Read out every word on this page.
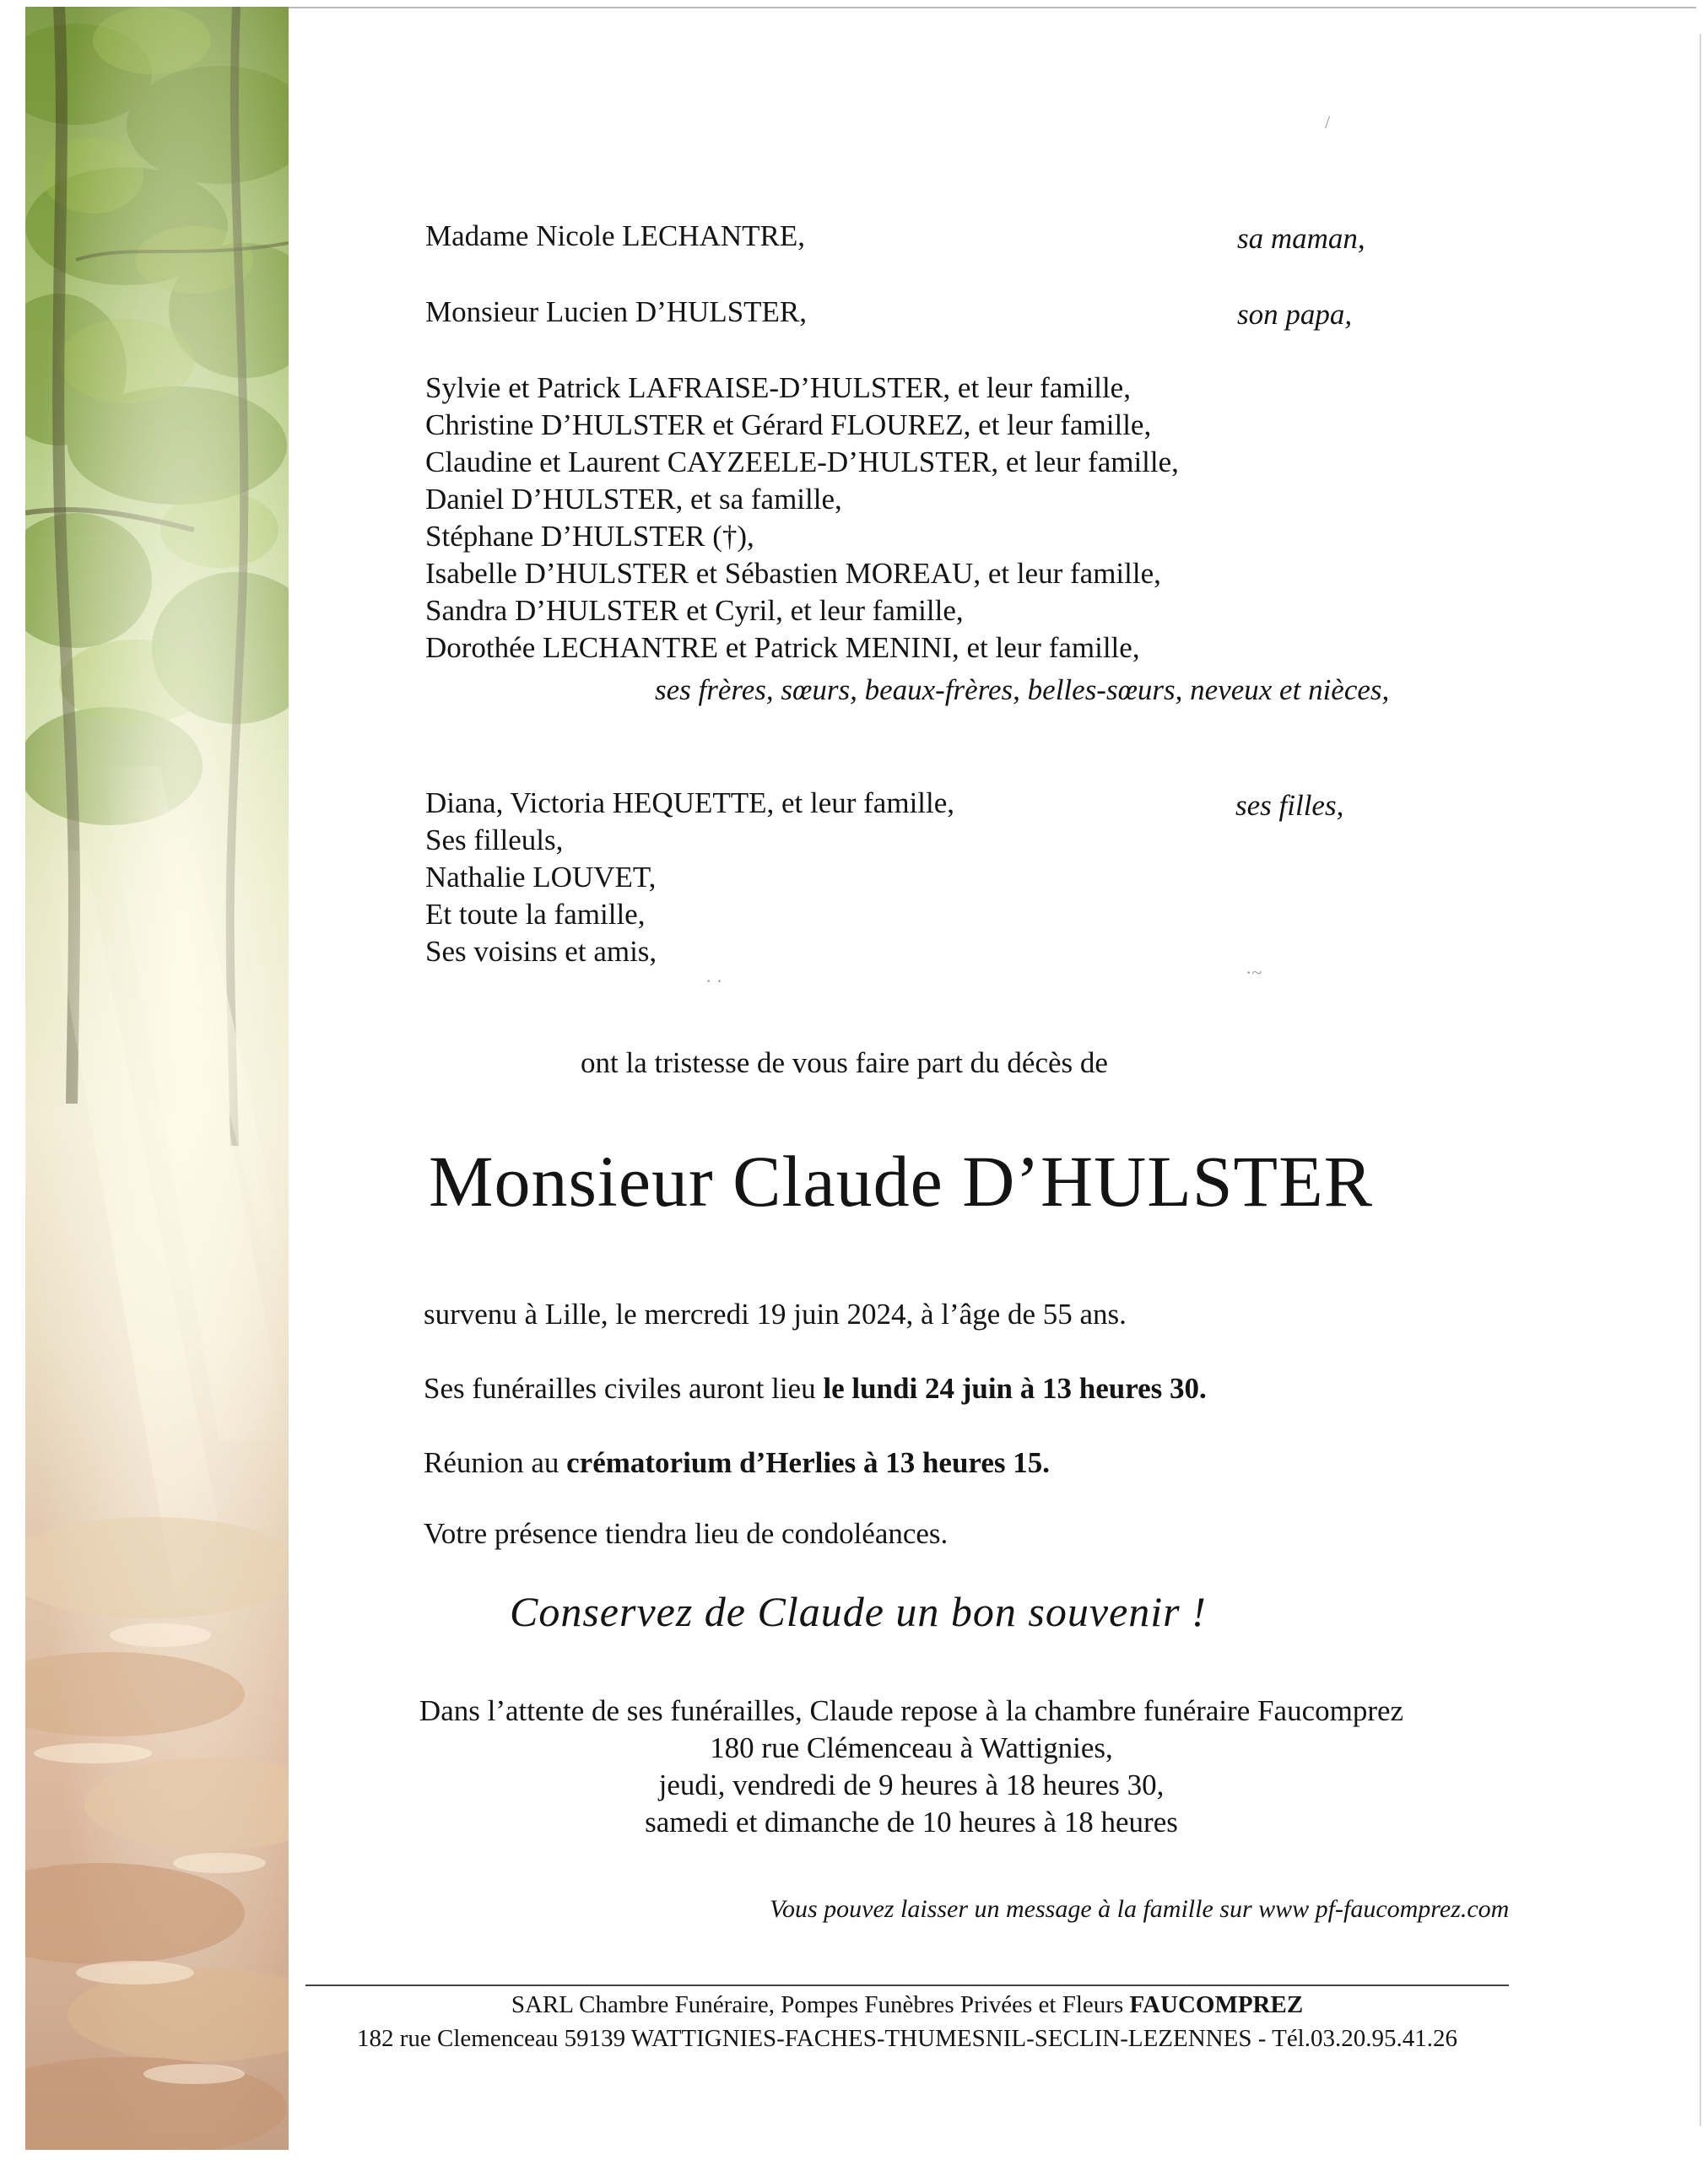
Madame Nicole LECHANTRE,	sa maman,
Monsieur Lucien D’HULSTER,	son papa,
Sylvie et Patrick LAFRAISE-D’HULSTER, et leur famille,
Christine D’HULSTER et Gérard FLOUREZ, et leur famille,
Claudine et Laurent CAYZEELE-D’HULSTER, et leur famille,
Daniel D’HULSTER, et sa famille,
Stéphane D’HULSTER (†),
Isabelle D’HULSTER et Sébastien MOREAU, et leur famille,
Sandra D’HULSTER et Cyril, et leur famille,
Dorothée LECHANTRE et Patrick MENINI, et leur famille,
ses frères, sœurs, beaux-frères, belles-sœurs, neveux et nièces,
Diana, Victoria HEQUETTE, et leur famille,	ses filles,
Ses filleuls,
Nathalie LOUVET,
Et toute la famille,
Ses voisins et amis,
· ·	·~
/
ont la tristesse de vous faire part du décès de
Monsieur Claude D’HULSTER
survenu à Lille, le mercredi 19 juin 2024, à l’âge de 55 ans.
Ses funérailles civiles auront lieu le lundi 24 juin à 13 heures 30.
Réunion au crématorium d’Herlies à 13 heures 15.
Votre présence tiendra lieu de condoléances.
Conservez de Claude un bon souvenir !
Dans l’attente de ses funérailles, Claude repose à la chambre funéraire Faucomprez
180 rue Clémenceau à Wattignies,
jeudi, vendredi de 9 heures à 18 heures 30,
samedi et dimanche de 10 heures à 18 heures
Vous pouvez laisser un message à la famille sur www pf-faucomprez.com
SARL Chambre Funéraire, Pompes Funèbres Privées et Fleurs FAUCOMPREZ
182 rue Clemenceau 59139 WATTIGNIES-FACHES-THUMESNIL-SECLIN-LEZENNES - Tél.03.20.95.41.26
